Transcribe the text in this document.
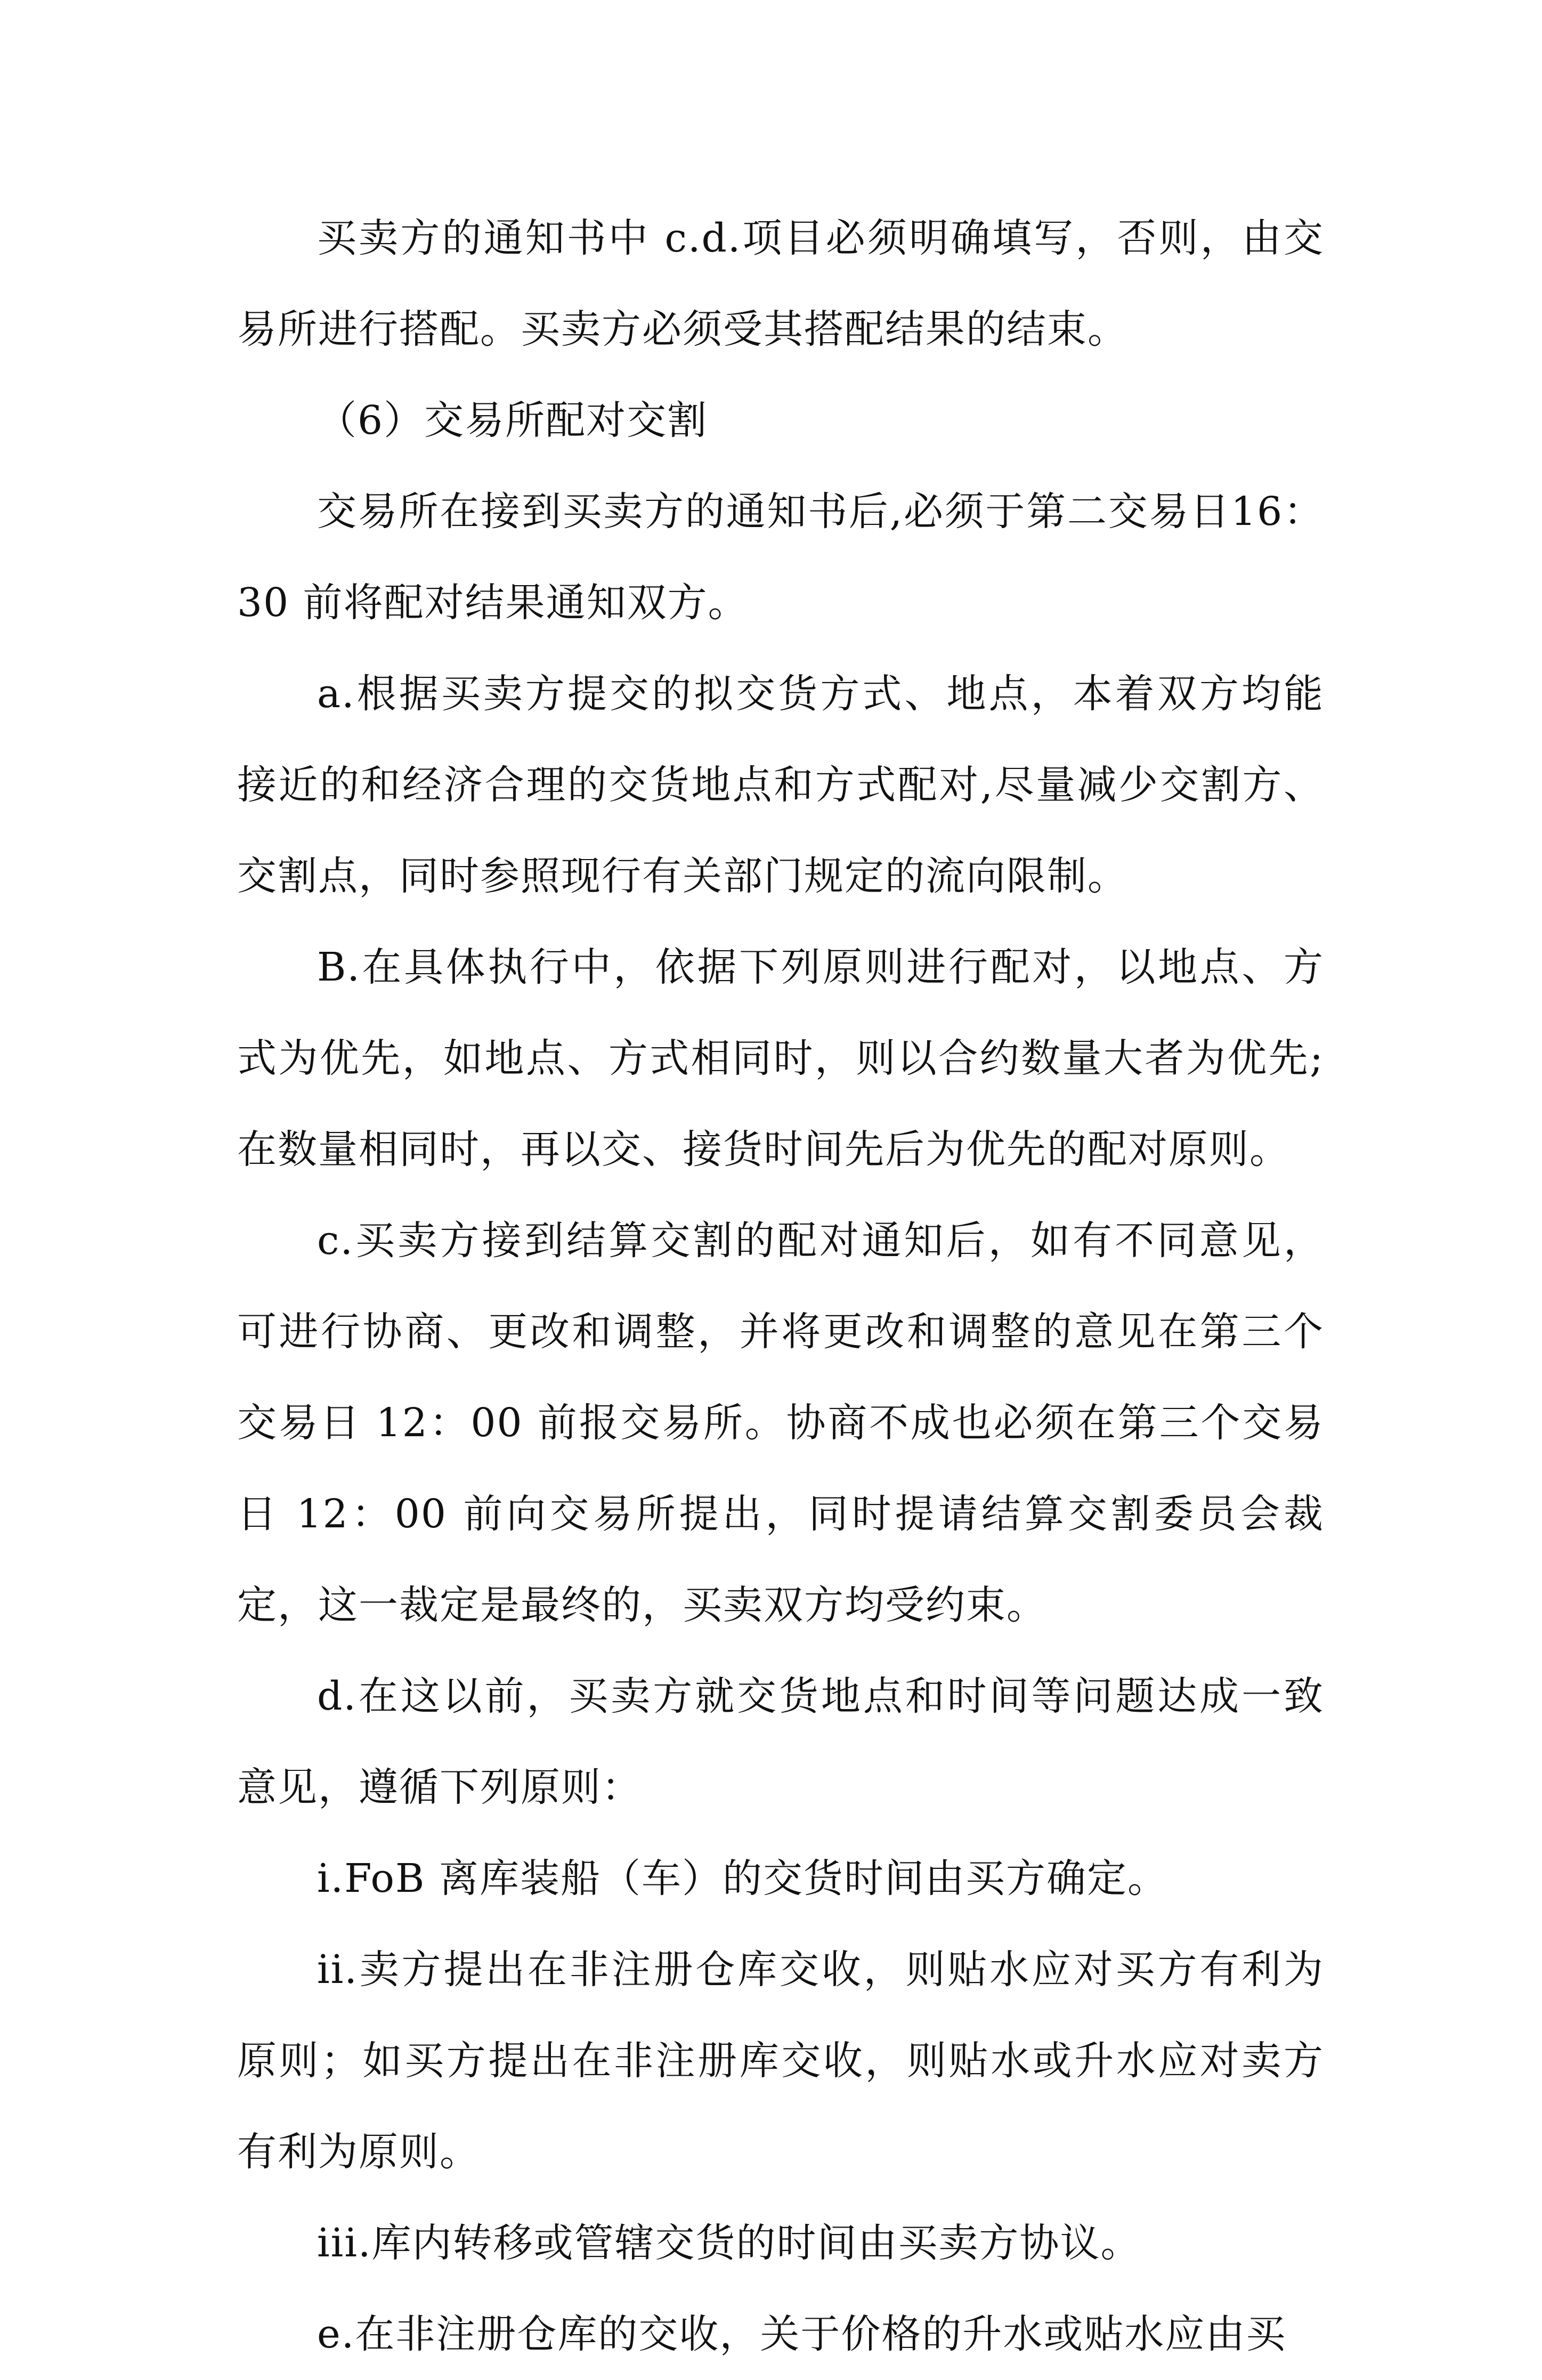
买卖方的通知书中 c.d.项目必须明确填写，否则，由交易所进行搭配。买卖方必须受其搭配结果的结束。

（6）交易所配对交割

交易所在接到买卖方的通知书后,必须于第二交易日16：30 前将配对结果通知双方。

a.根据买卖方提交的拟交货方式、地点，本着双方均能接近的和经济合理的交货地点和方式配对,尽量减少交割方、交割点，同时参照现行有关部门规定的流向限制。

B.在具体执行中，依据下列原则进行配对，以地点、方式为优先，如地点、方式相同时，则以合约数量大者为优先;在数量相同时，再以交、接货时间先后为优先的配对原则。

c.买卖方接到结算交割的配对通知后，如有不同意见，可进行协商、更改和调整，并将更改和调整的意见在第三个交易日 12：00 前报交易所。协商不成也必须在第三个交易日 12：00 前向交易所提出，同时提请结算交割委员会裁定，这一裁定是最终的，买卖双方均受约束。

d.在这以前，买卖方就交货地点和时间等问题达成一致意见，遵循下列原则：

i.FoB 离库装船（车）的交货时间由买方确定。

ii.卖方提出在非注册仓库交收，则贴水应对买方有利为原则；如买方提出在非注册库交收，则贴水或升水应对卖方有利为原则。

iii.库内转移或管辖交货的时间由买卖方协议。

e.在非注册仓库的交收，关于价格的升水或贴水应由买
